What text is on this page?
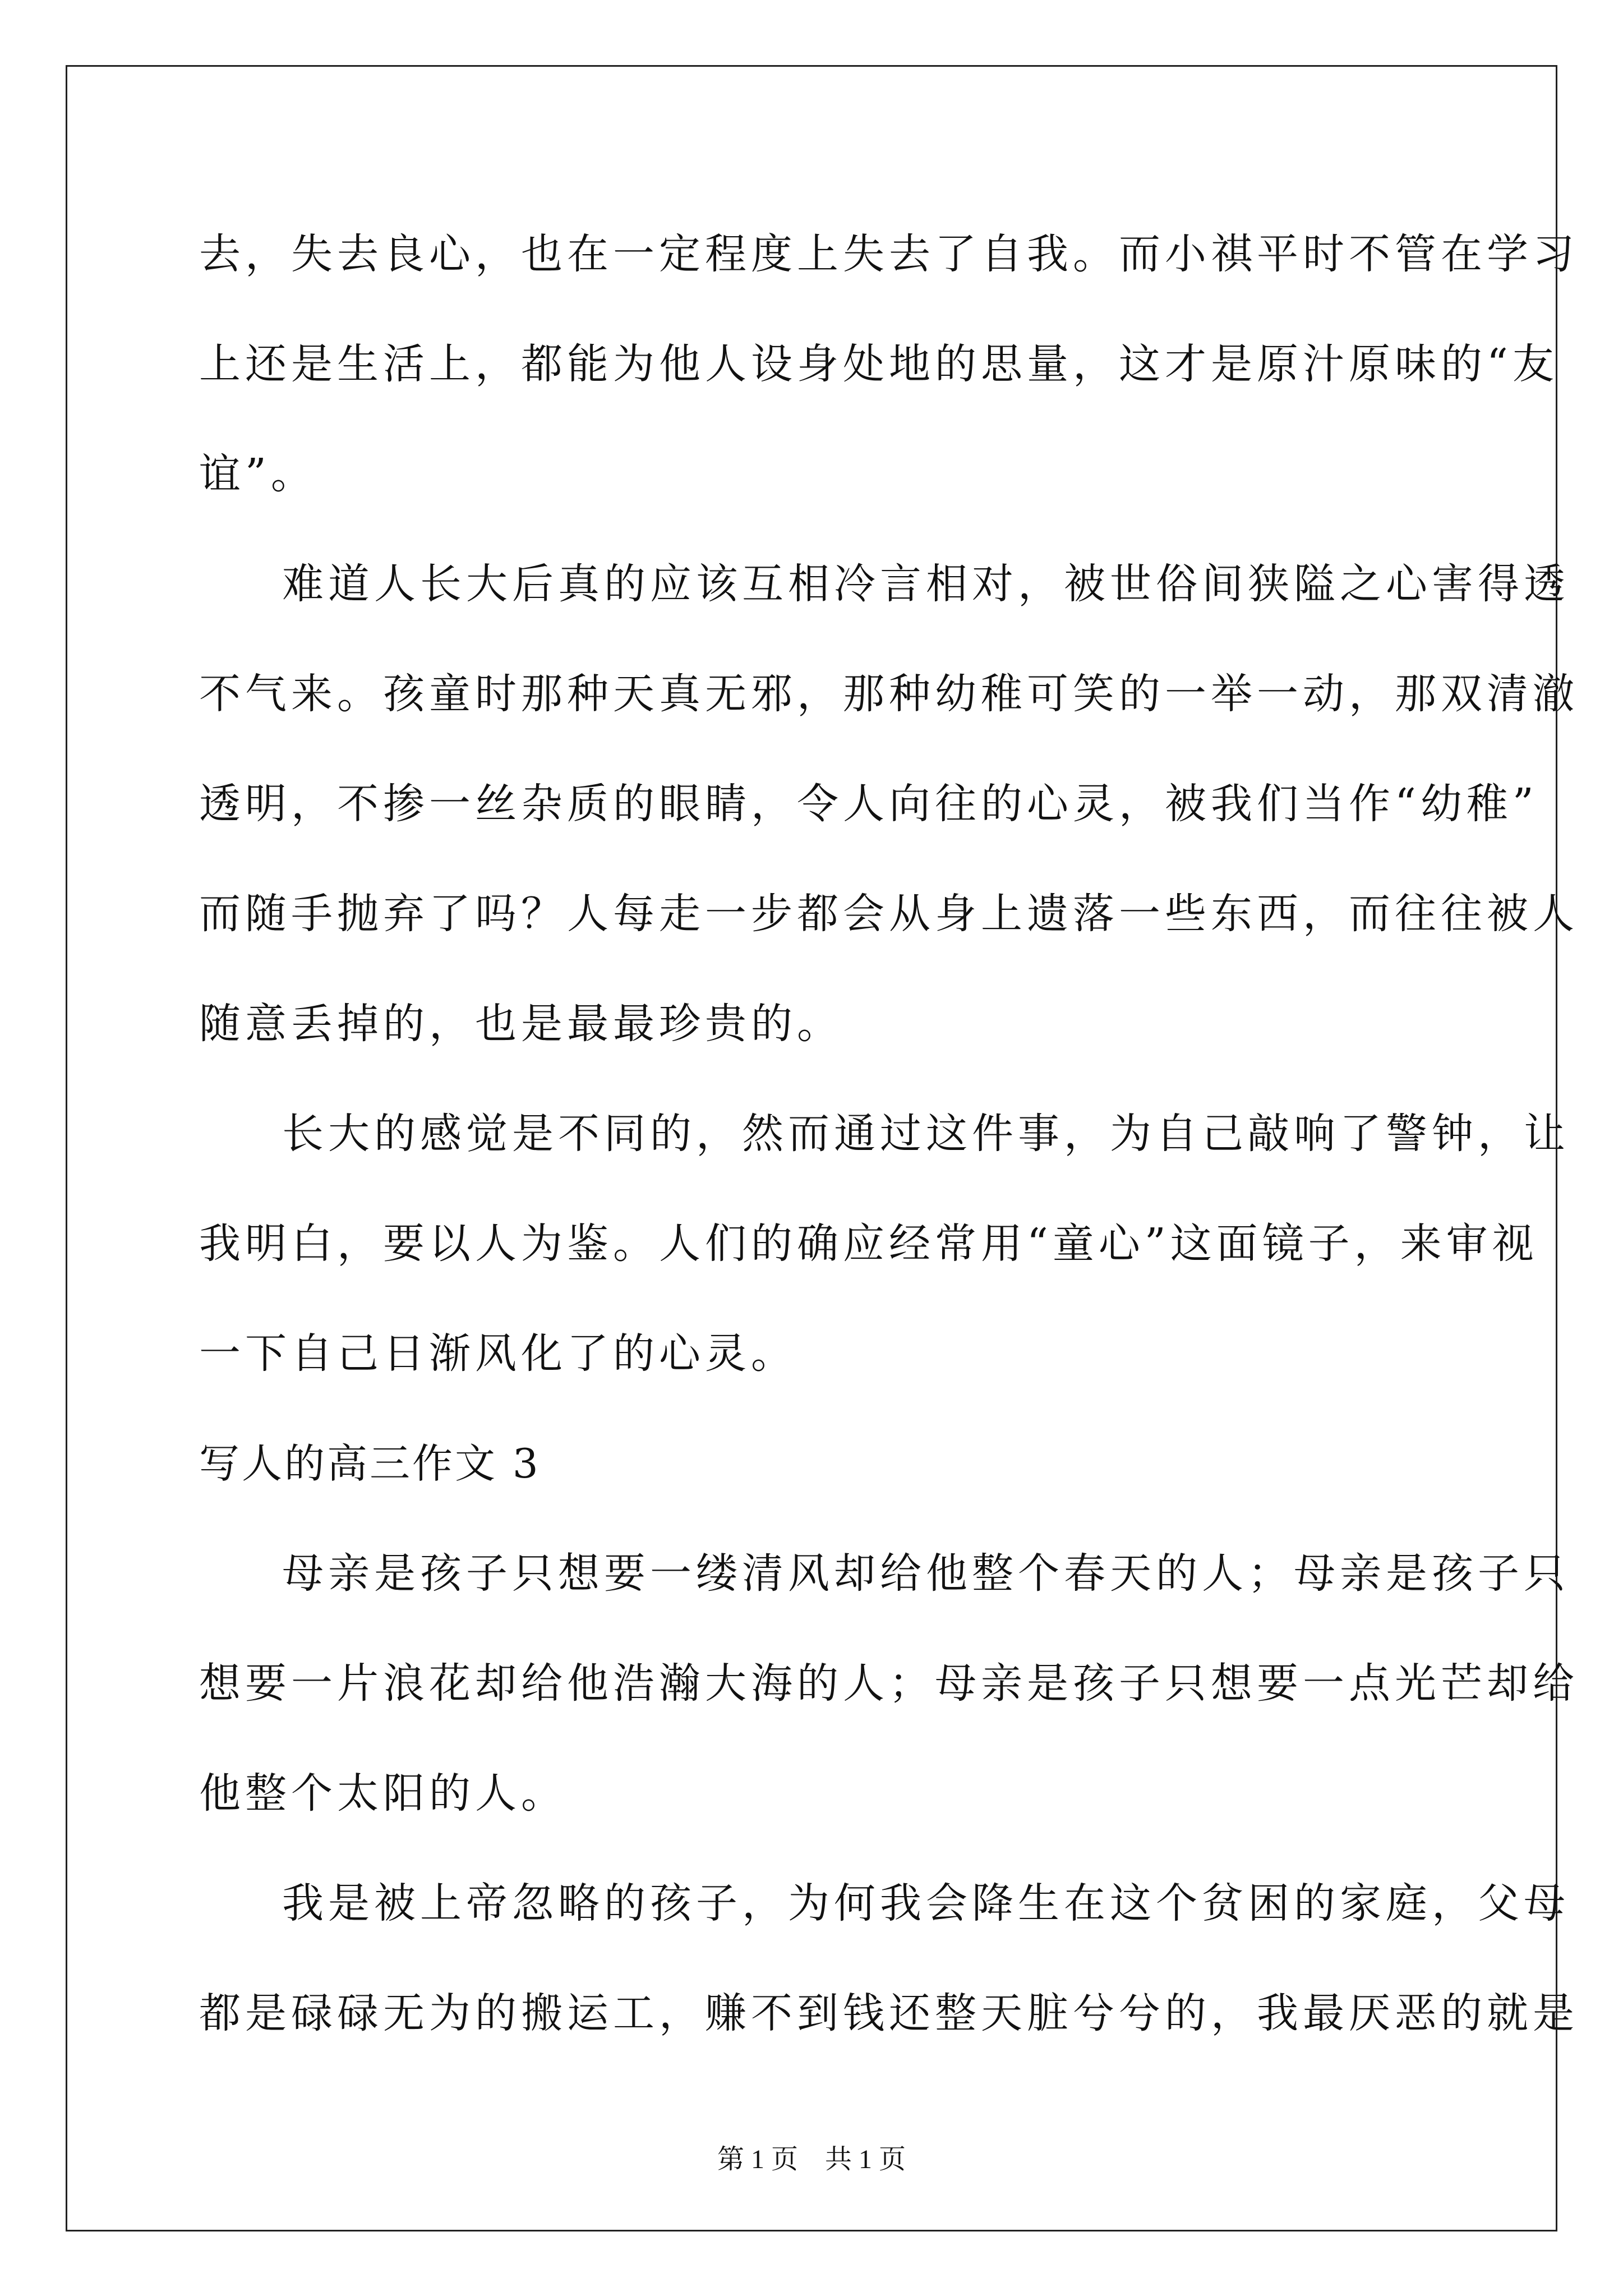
去，失去良心，也在一定程度上失去了自我。而小祺平时不管在学习
上还是生活上，都能为他人设身处地的思量，这才是原汁原味的“友
谊”。
难道人长大后真的应该互相冷言相对，被世俗间狭隘之心害得透
不气来。孩童时那种天真无邪，那种幼稚可笑的一举一动，那双清澈
透明，不掺一丝杂质的眼睛，令人向往的心灵，被我们当作“幼稚”
而随手抛弃了吗？人每走一步都会从身上遗落一些东西，而往往被人
随意丢掉的，也是最最珍贵的。
长大的感觉是不同的，然而通过这件事，为自己敲响了警钟，让
我明白，要以人为鉴。人们的确应经常用“童心”这面镜子，来审视
一下自己日渐风化了的心灵。
写人的高三作文 3
母亲是孩子只想要一缕清风却给他整个春天的人；母亲是孩子只
想要一片浪花却给他浩瀚大海的人；母亲是孩子只想要一点光芒却给
他整个太阳的人。
我是被上帝忽略的孩子，为何我会降生在这个贫困的家庭，父母
都是碌碌无为的搬运工，赚不到钱还整天脏兮兮的，我最厌恶的就是
第 1 页    共 1 页
